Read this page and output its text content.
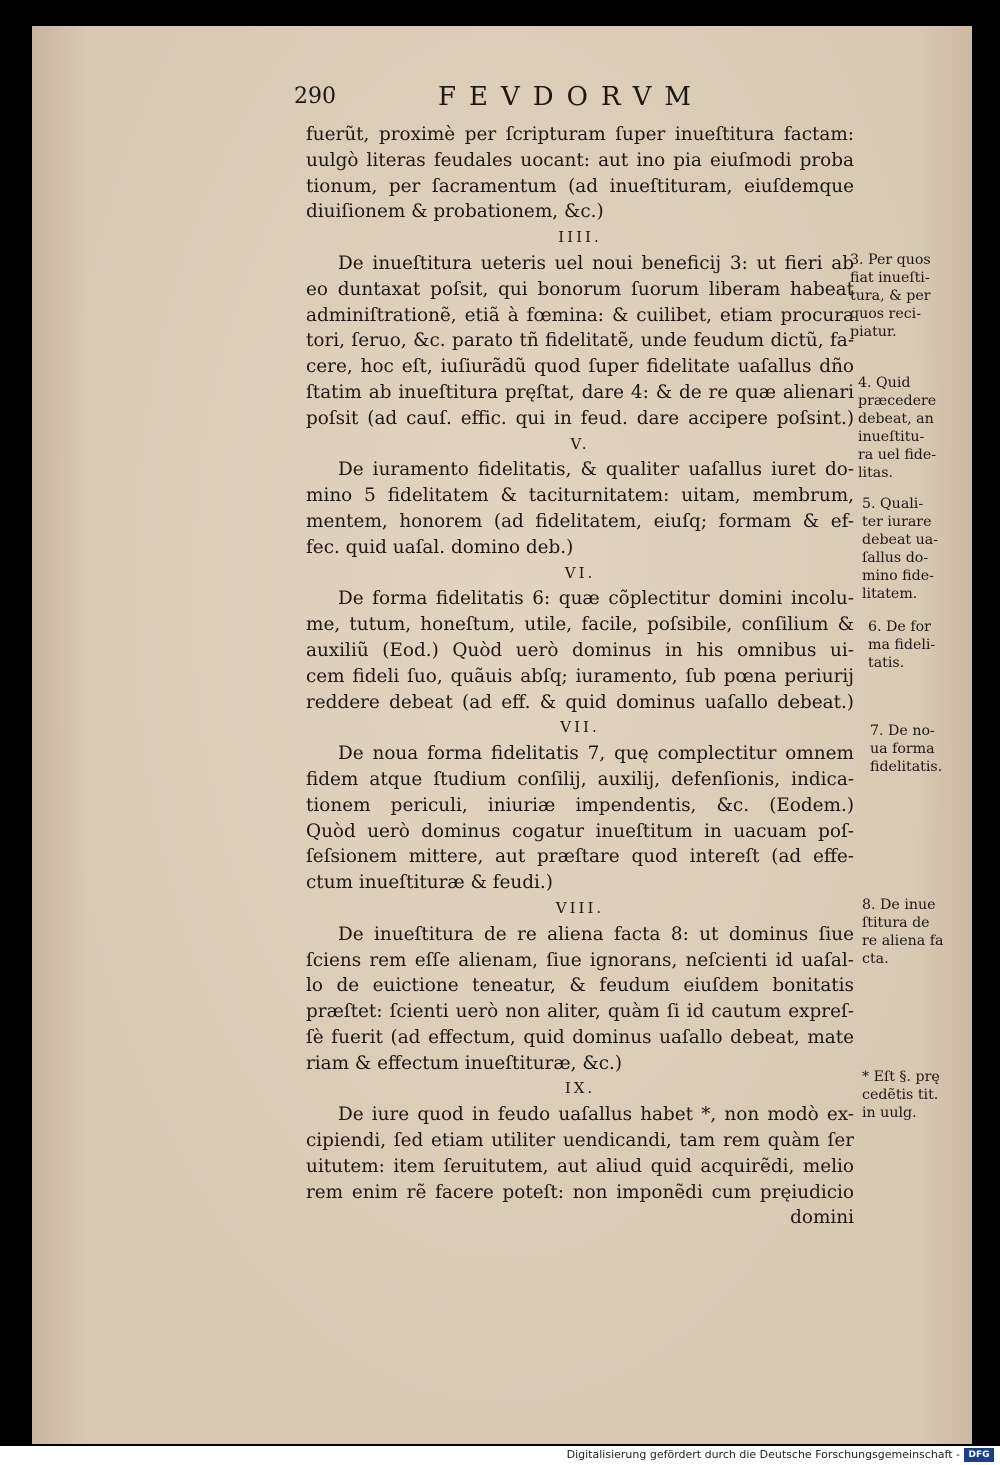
290	FEVDORVM
fuerũt, proximè per ſcripturam ſuper inueſtitura factam:
uulgò literas feudales uocant: aut ino pia eiuſmodi proba
tionum, per ſacramentum (ad inueſtituram, eiuſdemque
diuiſionem & probationem, &c.)
IIII.
De inueſtitura ueteris uel noui beneficij 3: ut fieri ab
eo duntaxat poſsit, qui bonorum ſuorum liberam habeat
adminiſtrationẽ, etiã à fœmina: & cuilibet, etiam procura
tori, ſeruo, &c. parato tñ fidelitatẽ, unde feudum dictũ, fa-
cere, hoc eſt, iuſiurãdũ quod ſuper fidelitate uaſallus dño
ſtatim ab inueſtitura pręſtat, dare 4: & de re quæ alienari
poſsit (ad cauſ. effic. qui in feud. dare accipere poſsint.)
V.
De iuramento fidelitatis, & qualiter uaſallus iuret do-
mino 5 fidelitatem & taciturnitatem: uitam, membrum,
mentem, honorem (ad fidelitatem, eiuſq; formam & ef-
fec. quid uaſal. domino deb.)
VI.
De forma fidelitatis 6: quæ cõplectitur domini incolu-
me, tutum, honeſtum, utile, facile, poſsibile, conſilium &
auxiliũ (Eod.) Quòd uerò dominus in his omnibus ui-
cem fideli ſuo, quãuis abſq; iuramento, ſub pœna periurij
reddere debeat (ad eff. & quid dominus uaſallo debeat.)
VII.
De noua forma fidelitatis 7, quę complectitur omnem
fidem atque ſtudium conſilij, auxilij, defenſionis, indica-
tionem periculi, iniuriæ impendentis, &c. (Eodem.)
Quòd uerò dominus cogatur inueſtitum in uacuam poſ-
ſeſsionem mittere, aut præſtare quod intereſt (ad effe-
ctum inueſtituræ & feudi.)
VIII.
De inueſtitura de re aliena facta 8: ut dominus ſiue
ſciens rem eſſe alienam, ſiue ignorans, neſcienti id uaſal-
lo de euictione teneatur, & feudum eiuſdem bonitatis
præſtet: ſcienti uerò non aliter, quàm ſi id cautum expreſ-
ſè fuerit (ad effectum, quid dominus uaſallo debeat, mate
riam & effectum inueſtituræ, &c.)
IX.
De iure quod in feudo uaſallus habet *, non modò ex-
cipiendi, ſed etiam utiliter uendicandi, tam rem quàm ſer
uitutem: item ſeruitutem, aut aliud quid acquirẽdi, melio
rem enim rẽ facere poteſt: non imponẽdi cum pręiudicio
domini
3. Per quos
fiat inueſti-
tura, & per
quos reci-
piatur.
4. Quid
præcedere
debeat, an
inueſtitu-
ra uel fide-
litas.
5. Quali-
ter iurare
debeat ua-
ſallus do-
mino fide-
litatem.
6. De for
ma fideli-
tatis.
7. De no-
ua forma
fidelitatis.
8. De inue
ſtitura de
re aliena fa
cta.
* Eſt §. prę
cedẽtis tit.
in uulg.
Digitalisierung gefördert durch die Deutsche Forschungsgemeinschaft - DFG
